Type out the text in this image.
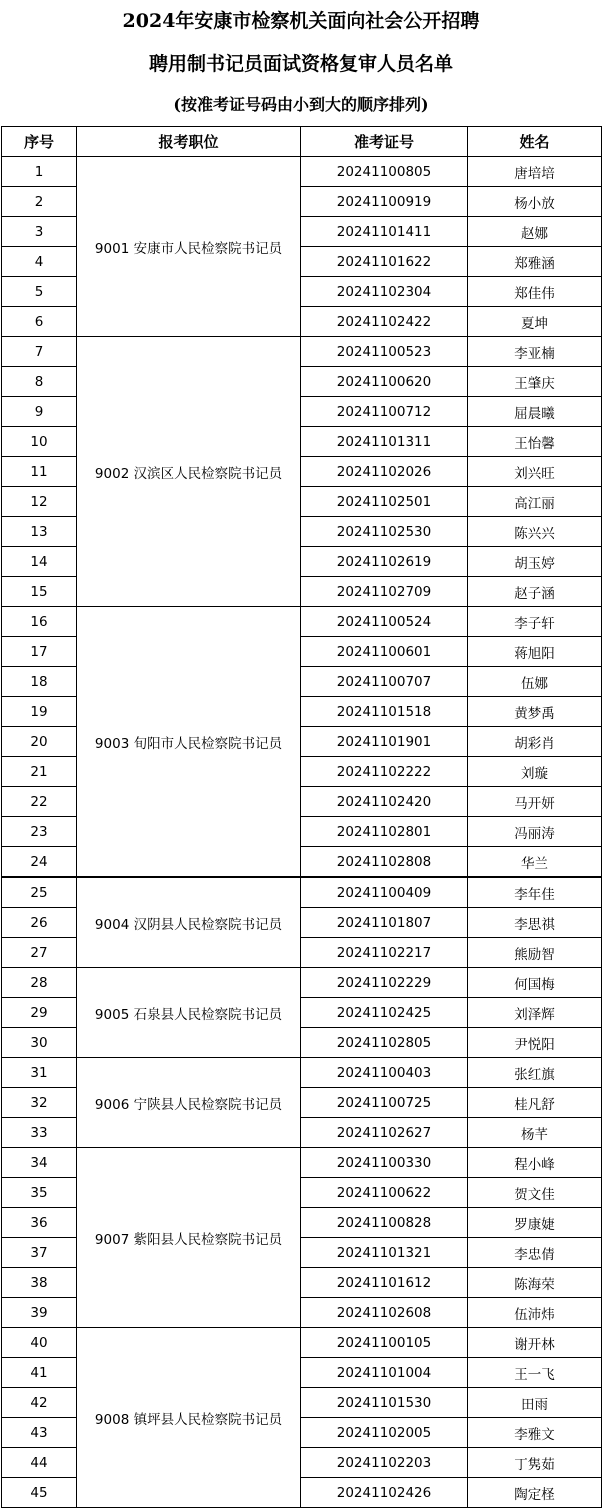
2024年安康市检察机关面向社会公开招聘
聘用制书记员面试资格复审人员名单
(按准考证号码由小到大的顺序排列)
序号	报考职位	准考证号	姓名
1	9001 安康市人民检察院书记员	20241100805	唐培培
2		20241100919	杨小放
3		20241101411	赵娜
4		20241101622	郑雅涵
5		20241102304	郑佳伟
6		20241102422	夏坤
7	9002 汉滨区人民检察院书记员	20241100523	李亚楠
8		20241100620	王肇庆
9		20241100712	屈晨曦
10		20241101311	王怡馨
11		20241102026	刘兴旺
12		20241102501	高江丽
13		20241102530	陈兴兴
14		20241102619	胡玉婷
15		20241102709	赵子涵
16	9003 旬阳市人民检察院书记员	20241100524	李子轩
17		20241100601	蒋旭阳
18		20241100707	伍娜
19		20241101518	黄梦禹
20		20241101901	胡彩肖
21		20241102222	刘璇
22		20241102420	马开妍
23		20241102801	冯丽涛
24		20241102808	华兰
25	9004 汉阴县人民检察院书记员	20241100409	李年佳
26		20241101807	李思祺
27		20241102217	熊励智
28	9005 石泉县人民检察院书记员	20241102229	何国梅
29		20241102425	刘泽辉
30		20241102805	尹悦阳
31	9006 宁陕县人民检察院书记员	20241100403	张红旗
32		20241100725	桂凡舒
33		20241102627	杨芊
34	9007 紫阳县人民检察院书记员	20241100330	程小峰
35		20241100622	贺文佳
36		20241100828	罗康婕
37		20241101321	李忠倩
38		20241101612	陈海荣
39		20241102608	伍沛炜
40	9008 镇坪县人民检察院书记员	20241100105	谢开林
41		20241101004	王一飞
42		20241101530	田雨
43		20241102005	李雅文
44		20241102203	丁隽茹
45		20241102426	陶定柽
